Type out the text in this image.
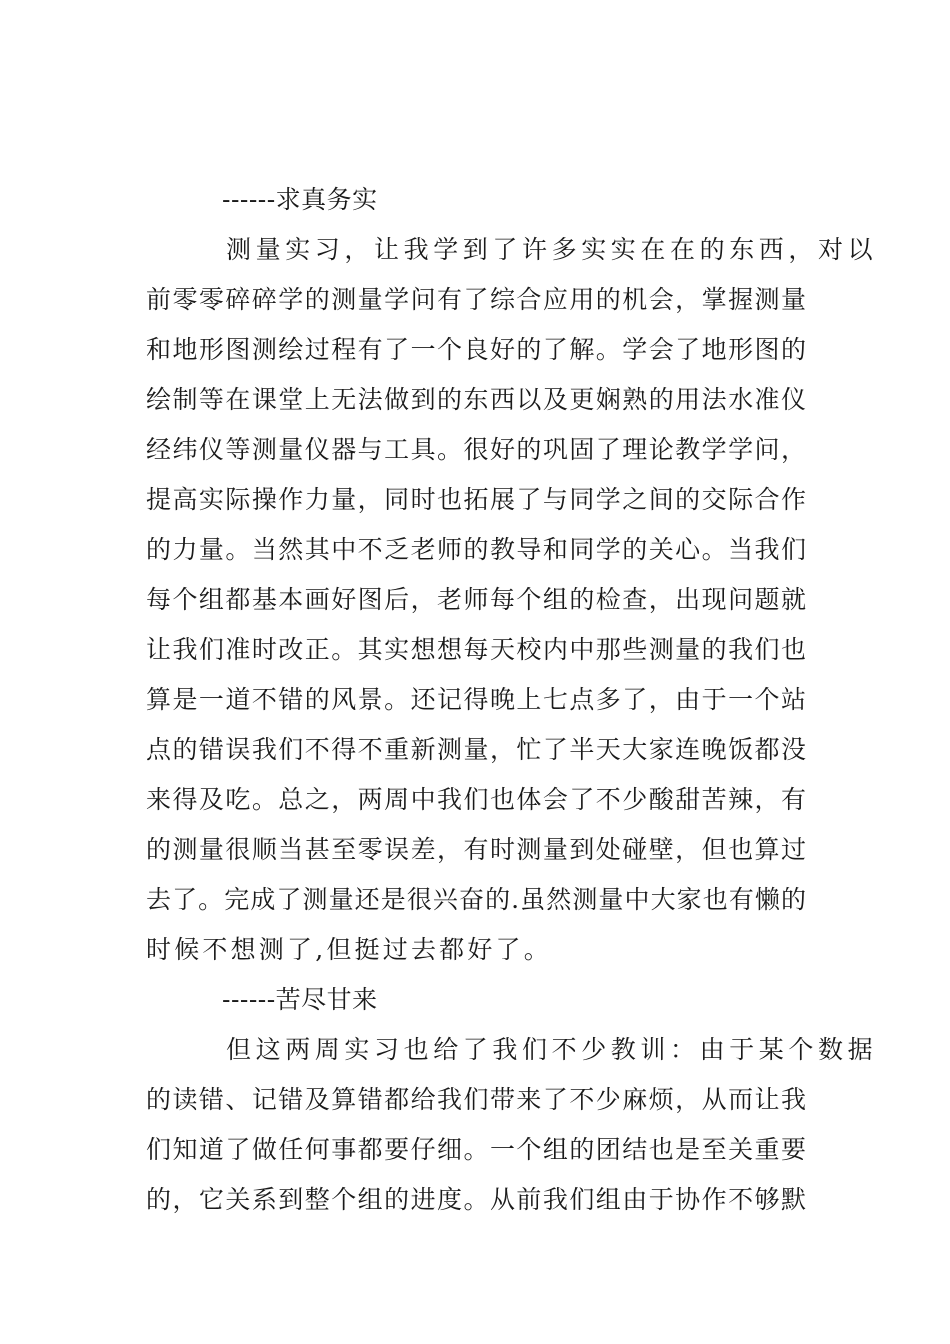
------求真务实
测量实习，让我学到了许多实实在在的东西，对以
前零零碎碎学的测量学问有了综合应用的机会，掌握测量
和地形图测绘过程有了一个良好的了解。学会了地形图的
绘制等在课堂上无法做到的东西以及更娴熟的用法水准仪
经纬仪等测量仪器与工具。很好的巩固了理论教学学问，
提高实际操作力量，同时也拓展了与同学之间的交际合作
的力量。当然其中不乏老师的教导和同学的关心。当我们
每个组都基本画好图后，老师每个组的检查，出现问题就
让我们准时改正。其实想想每天校内中那些测量的我们也
算是一道不错的风景。还记得晚上七点多了，由于一个站
点的错误我们不得不重新测量，忙了半天大家连晚饭都没
来得及吃。总之，两周中我们也体会了不少酸甜苦辣，有
的测量很顺当甚至零误差，有时测量到处碰壁，但也算过
去了。完成了测量还是很兴奋的.虽然测量中大家也有懒的
时候不想测了,但挺过去都好了。
------苦尽甘来
但这两周实习也给了我们不少教训：由于某个数据
的读错、记错及算错都给我们带来了不少麻烦，从而让我
们知道了做任何事都要仔细。一个组的团结也是至关重要
的，它关系到整个组的进度。从前我们组由于协作不够默
